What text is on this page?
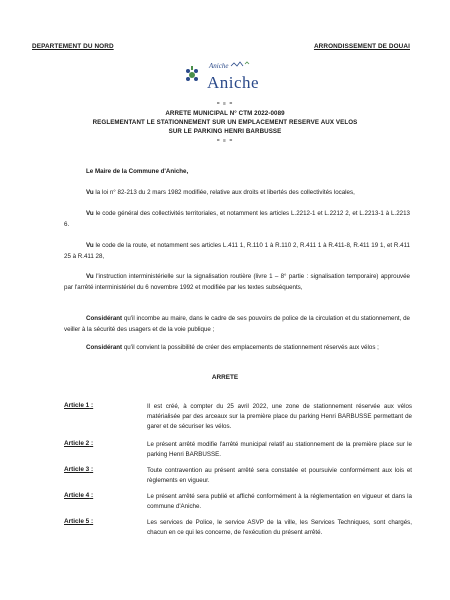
DEPARTEMENT DU NORD	ARRONDISSEMENT DE DOUAI
Aniche
Aniche
= ≡ =
ARRETE MUNICIPAL N° CTM 2022-0089
REGLEMENTANT LE STATIONNEMENT SUR UN EMPLACEMENT RESERVE AUX VELOS
SUR LE PARKING HENRI BARBUSSE
= ≡ =
Le Maire de la Commune d'Aniche,
Vu la loi n° 82-213 du 2 mars 1982 modifiée, relative aux droits et libertés des collectivités locales,
Vu le code général des collectivités territoriales, et notamment les articles L.2212-1 et L.2212 2, et L.2213-1 à L.2213 6.
Vu le code de la route, et notamment ses articles L.411 1, R.110 1 à R.110 2, R.411 1 à R.411-8, R.411 19 1, et R.411 25 à R.411 28,
Vu l'instruction interministérielle sur la signalisation routière (livre 1 – 8° partie : signalisation temporaire) approuvée par l'arrêté interministériel du 6 novembre 1992 et modifiée par les textes subséquents,
Considérant qu'il incombe au maire, dans le cadre de ses pouvoirs de police de la circulation et du stationnement, de veiller à la sécurité des usagers et de la voie publique ;
Considérant qu'il convient la possibilité de créer des emplacements de stationnement réservés aux vélos ;
ARRETE
Article 1 :	Il est créé, à compter du 25 avril 2022, une zone de stationnement réservée aux vélos matérialisée par des arceaux sur la première place du parking Henri BARBUSSE permettant de garer et de sécuriser les vélos.
Article 2 :	Le présent arrêté modifie l'arrêté municipal relatif au stationnement de la première place sur le parking Henri BARBUSSE.
Article 3 :	Toute contravention au présent arrêté sera constatée et poursuivie conformément aux lois et règlements en vigueur.
Article 4 :	Le présent arrêté sera publié et affiché conformément à la réglementation en vigueur et dans la commune d'Aniche.
Article 5 :	Les services de Police, le service ASVP de la ville, les Services Techniques, sont chargés, chacun en ce qui les concerne, de l'exécution du présent arrêté.
